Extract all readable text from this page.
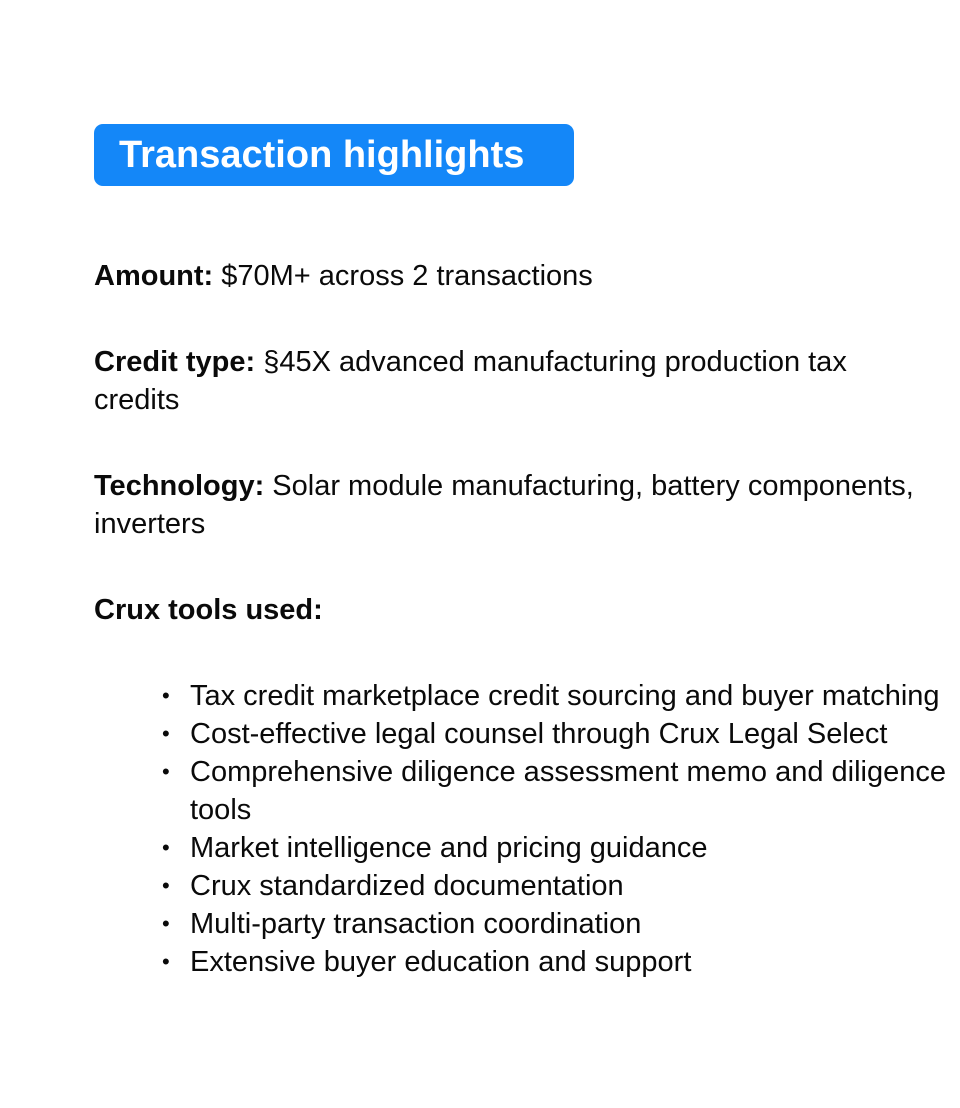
Transaction highlights
Amount: $70M+ across 2 transactions
Credit type: §45X advanced manufacturing production tax credits
Technology: Solar module manufacturing, battery components, inverters
Crux tools used:
• Tax credit marketplace credit sourcing and buyer matching
• Cost-effective legal counsel through Crux Legal Select
• Comprehensive diligence assessment memo and diligence tools
• Market intelligence and pricing guidance
• Crux standardized documentation
• Multi-party transaction coordination
• Extensive buyer education and support
